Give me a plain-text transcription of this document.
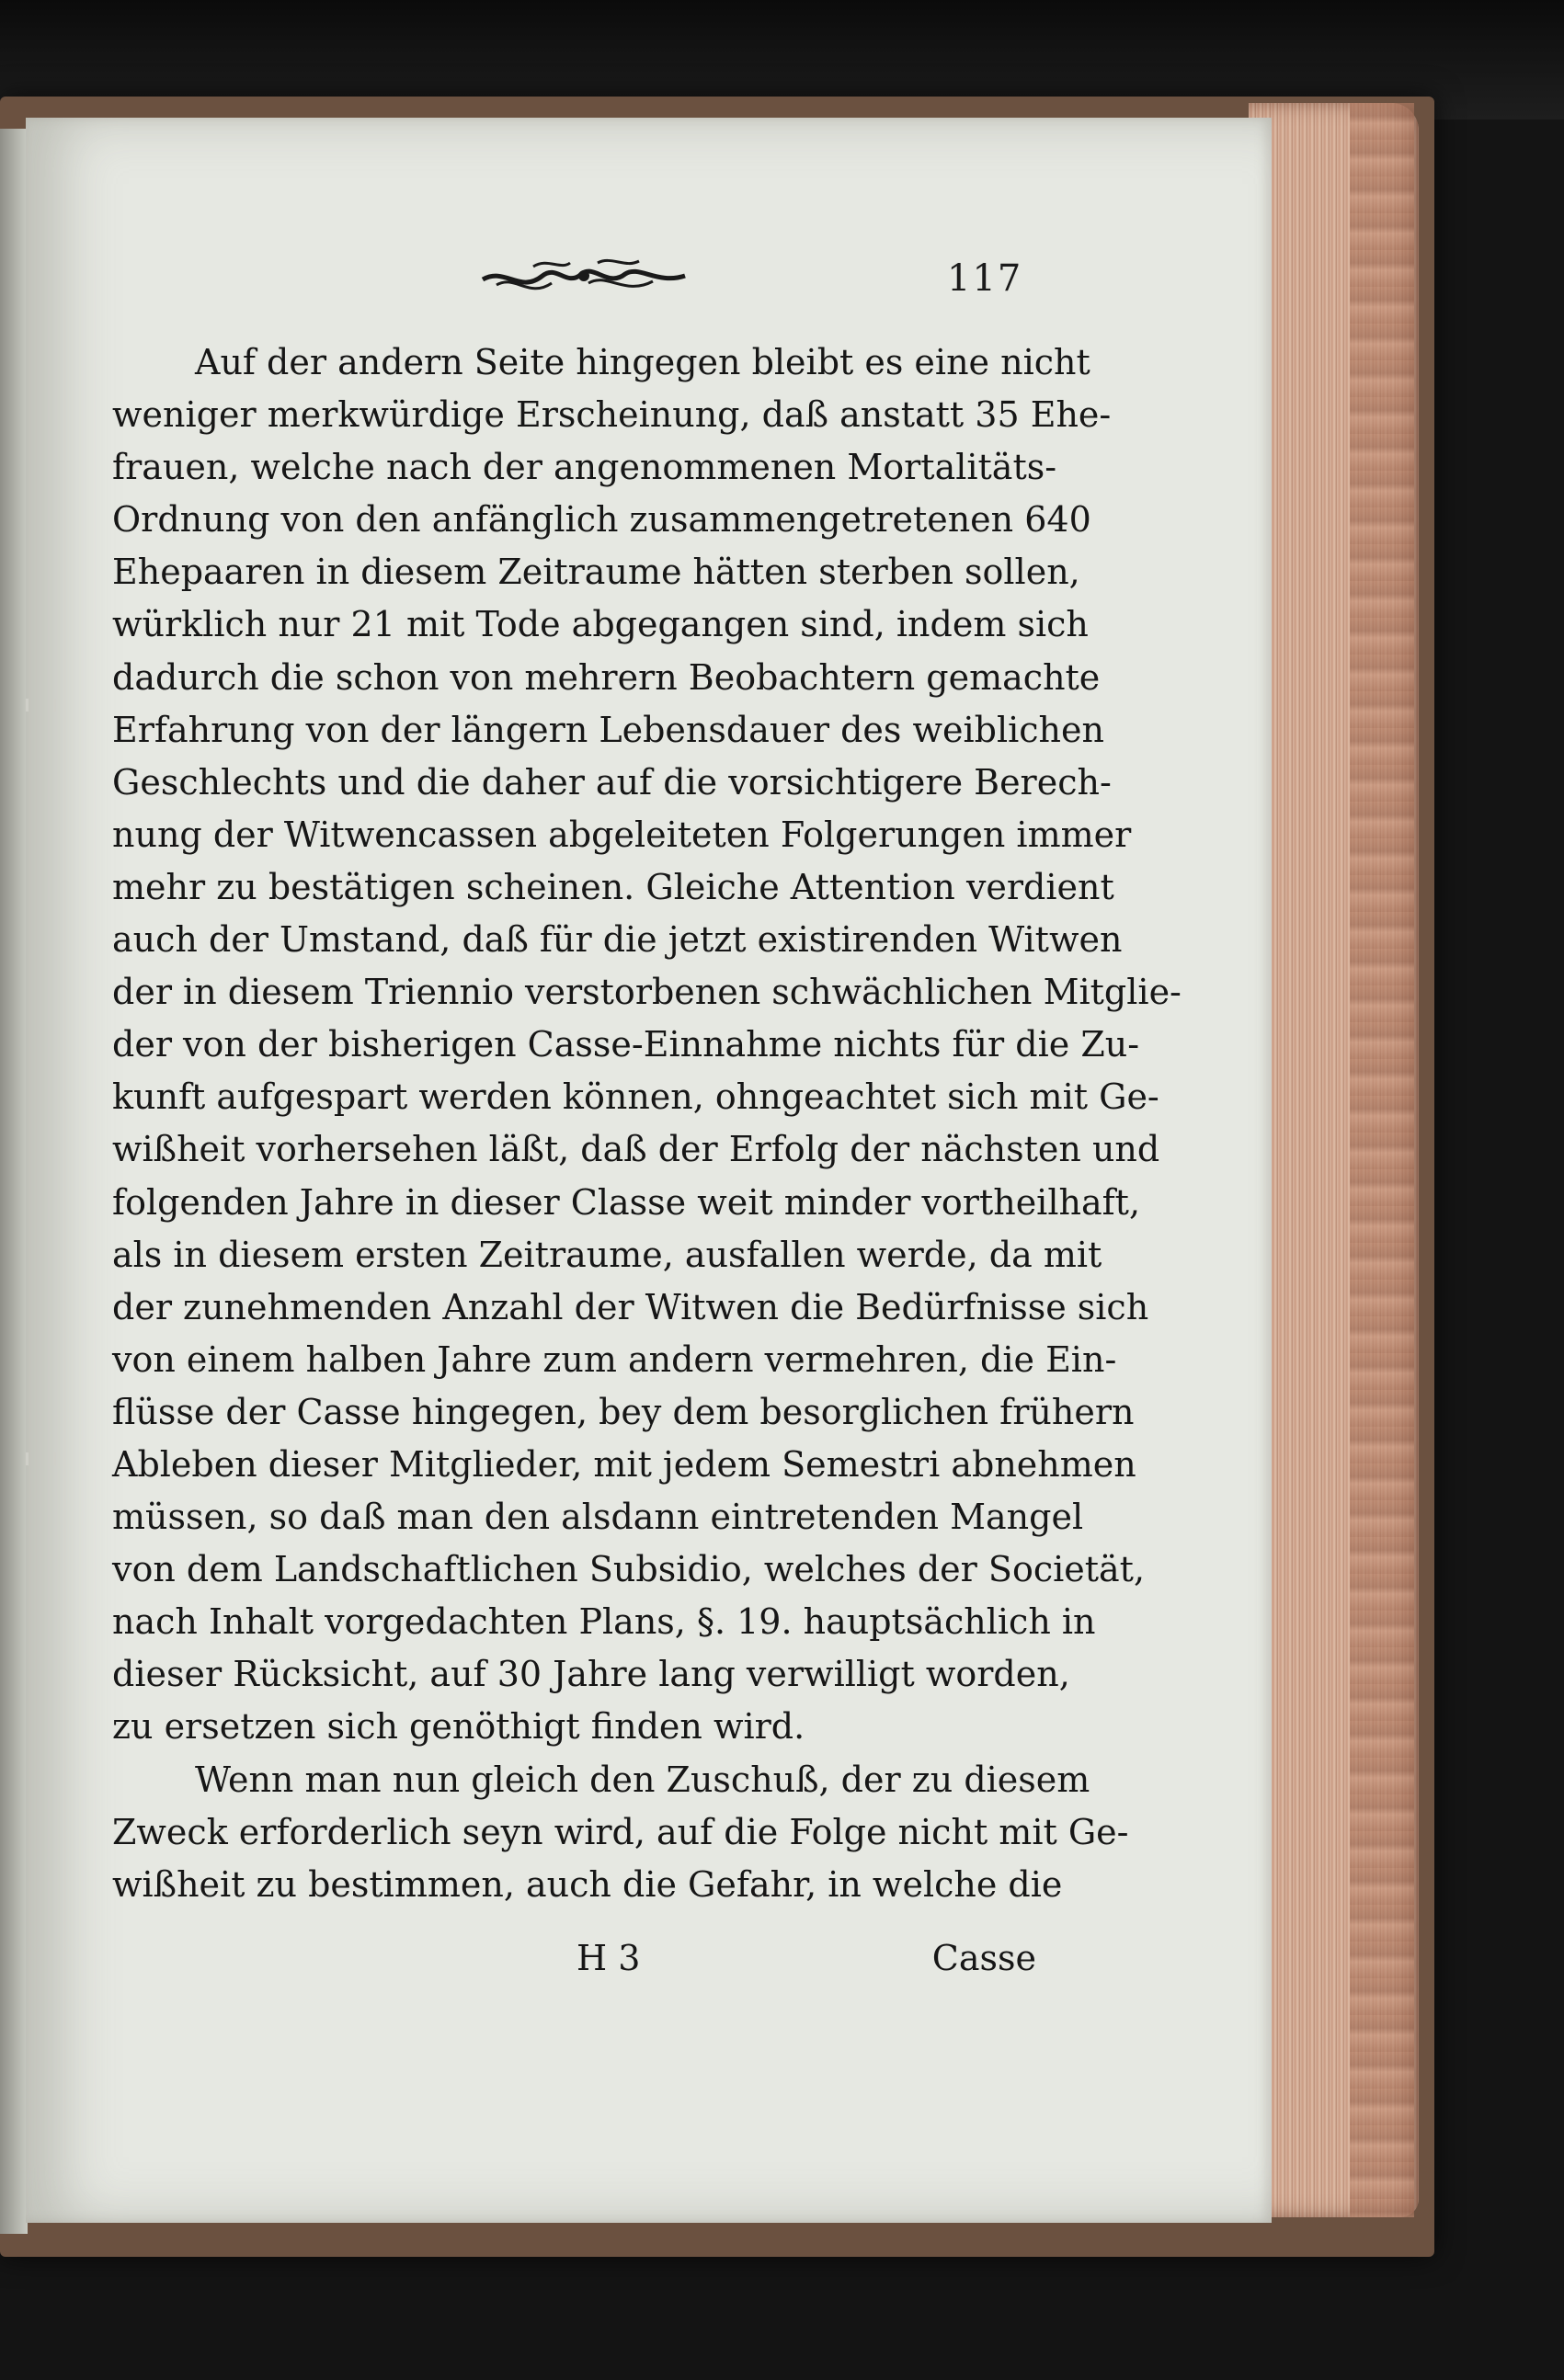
117
Auf der andern Seite hingegen bleibt es eine nicht
weniger merkwürdige Erscheinung, daß anstatt 35 Ehe-
frauen, welche nach der angenommenen Mortalitäts-
Ordnung von den anfänglich zusammengetretenen 640
Ehepaaren in diesem Zeitraume hätten sterben sollen,
würklich nur 21 mit Tode abgegangen sind, indem sich
dadurch die schon von mehrern Beobachtern gemachte
Erfahrung von der längern Lebensdauer des weiblichen
Geschlechts und die daher auf die vorsichtigere Berech-
nung der Witwencassen abgeleiteten Folgerungen immer
mehr zu bestätigen scheinen. Gleiche Attention verdient
auch der Umstand, daß für die jetzt existirenden Witwen
der in diesem Triennio verstorbenen schwächlichen Mitglie-
der von der bisherigen Casse-Einnahme nichts für die Zu-
kunft aufgespart werden können, ohngeachtet sich mit Ge-
wißheit vorhersehen läßt, daß der Erfolg der nächsten und
folgenden Jahre in dieser Classe weit minder vortheilhaft,
als in diesem ersten Zeitraume, ausfallen werde, da mit
der zunehmenden Anzahl der Witwen die Bedürfnisse sich
von einem halben Jahre zum andern vermehren, die Ein-
flüsse der Casse hingegen, bey dem besorglichen frühern
Ableben dieser Mitglieder, mit jedem Semestri abnehmen
müssen, so daß man den alsdann eintretenden Mangel
von dem Landschaftlichen Subsidio, welches der Societät,
nach Inhalt vorgedachten Plans, §. 19. hauptsächlich in
dieser Rücksicht, auf 30 Jahre lang verwilligt worden,
zu ersetzen sich genöthigt finden wird.
Wenn man nun gleich den Zuschuß, der zu diesem
Zweck erforderlich seyn wird, auf die Folge nicht mit Ge-
wißheit zu bestimmen, auch die Gefahr, in welche die
H 3	Casse
